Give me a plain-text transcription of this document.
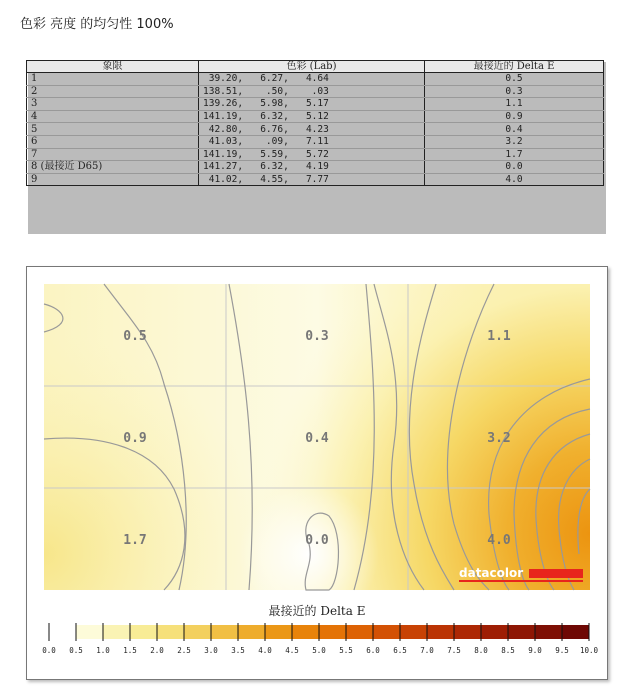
色彩 亮度 的均匀性 100%
象限	色彩 (Lab)	最接近的 Delta E
1	39.20,   6.27,   4.64	0.5
2	138.51,    .50,    .03	0.3
3	139.26,   5.98,   5.17	1.1
4	141.19,   6.32,   5.12	0.9
5	42.80,   6.76,   4.23	0.4
6	41.03,    .09,   7.11	3.2
7	141.19,   5.59,   5.72	1.7
8 (最接近 D65)	141.27,   6.32,   4.19	0.0
9	41.02,   4.55,   7.77	4.0
0.5	0.3	1.1
0.9	0.4	3.2
1.7	0.0	4.0
datacolor
最接近的 Delta E
0.0 0.5 1.0 1.5 2.0 2.5 3.0 3.5 4.0 4.5 5.0 5.5 6.0 6.5 7.0 7.5 8.0 8.5 9.0 9.5 10.0
